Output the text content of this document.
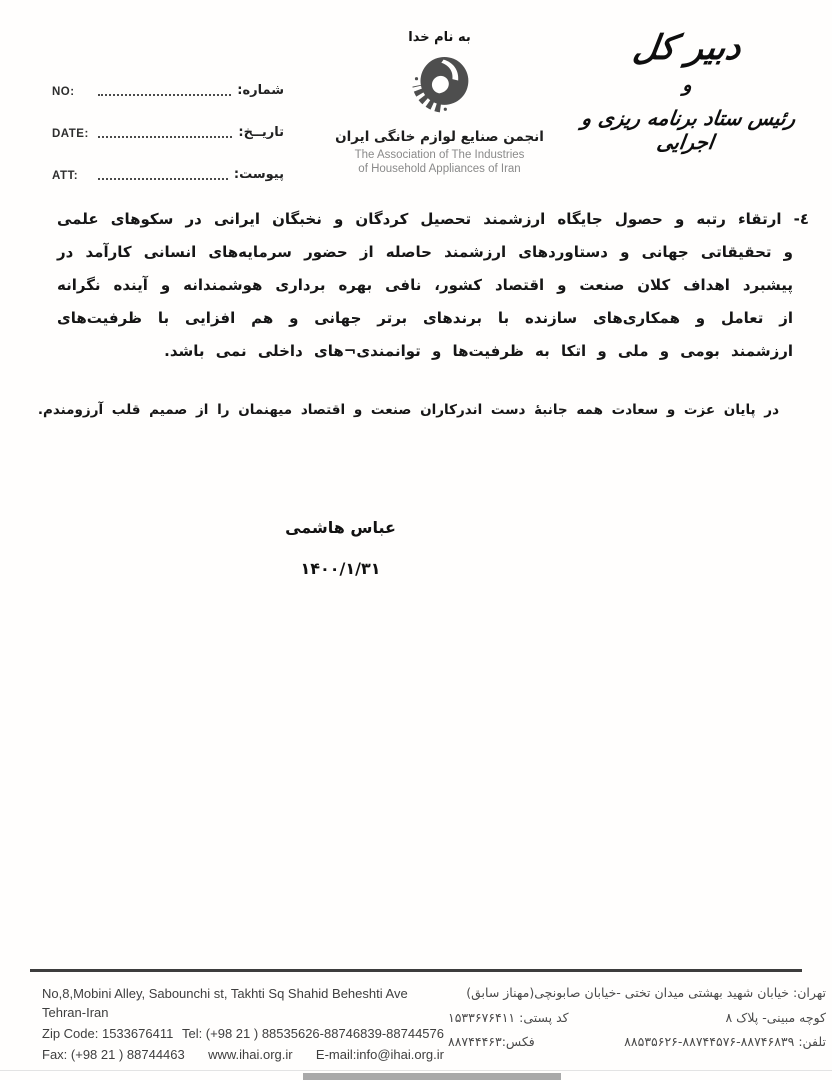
NO:	شماره:
DATE:	تاریــخ:
ATT:	پیوست:
به نام خدا
انجمن صنایع لوازم خانگی ایران
The Association of The Industries
of Household Appliances of Iran
دبیر کل
و
رئیس ستاد برنامه ریزی و اجرایی
٤- ارتقاء رتبه و حصول جایگاه ارزشمند تحصیل کردگان و نخبگان ایرانی در سکوهای علمی و تحقیقاتی جهانی و دستاوردهای ارزشمند حاصله از حضور سرمایه‌های انسانی کارآمد در پیشبرد اهداف کلان صنعت و اقتصاد کشور، نافی بهره برداری هوشمندانه و آینده نگرانه از تعامل و همکاری‌های سازنده با برندهای برتر جهانی و هم افزایی با ظرفیت‌های ارزشمند بومی و ملی و اتکا به ظرفیت‌ها و توانمندی¬های داخلی نمی باشد.
در پایان عزت و سعادت همه جانبهٔ دست اندرکاران صنعت و اقتصاد میهنمان را از صمیم قلب آرزومندم.
عباس هاشمی
۱۴۰۰/۱/۳۱
No,8,Mobini Alley, Sabounchi st, Takhti Sq Shahid Beheshti Ave
Tehran-Iran
Zip Code: 1533676411 Tel: (+98 21 ) 88535626-88746839-88744576
Fax: (+98 21 ) 88744463 www.ihai.org.ir E-mail:info@ihai.org.ir
تهران: خیابان شهید بهشتی میدان تختی -خیابان صابونچی(مهناز سابق)
کد پستی: ۱۵۳۳۶۷۶۴۱۱	کوچه مبینی- پلاک ۸
فکس:۸۸۷۴۴۴۶۳	تلفن: ۸۸۷۴۶۸۳۹-۸۸۷۴۴۵۷۶-۸۸۵۳۵۶۲۶
